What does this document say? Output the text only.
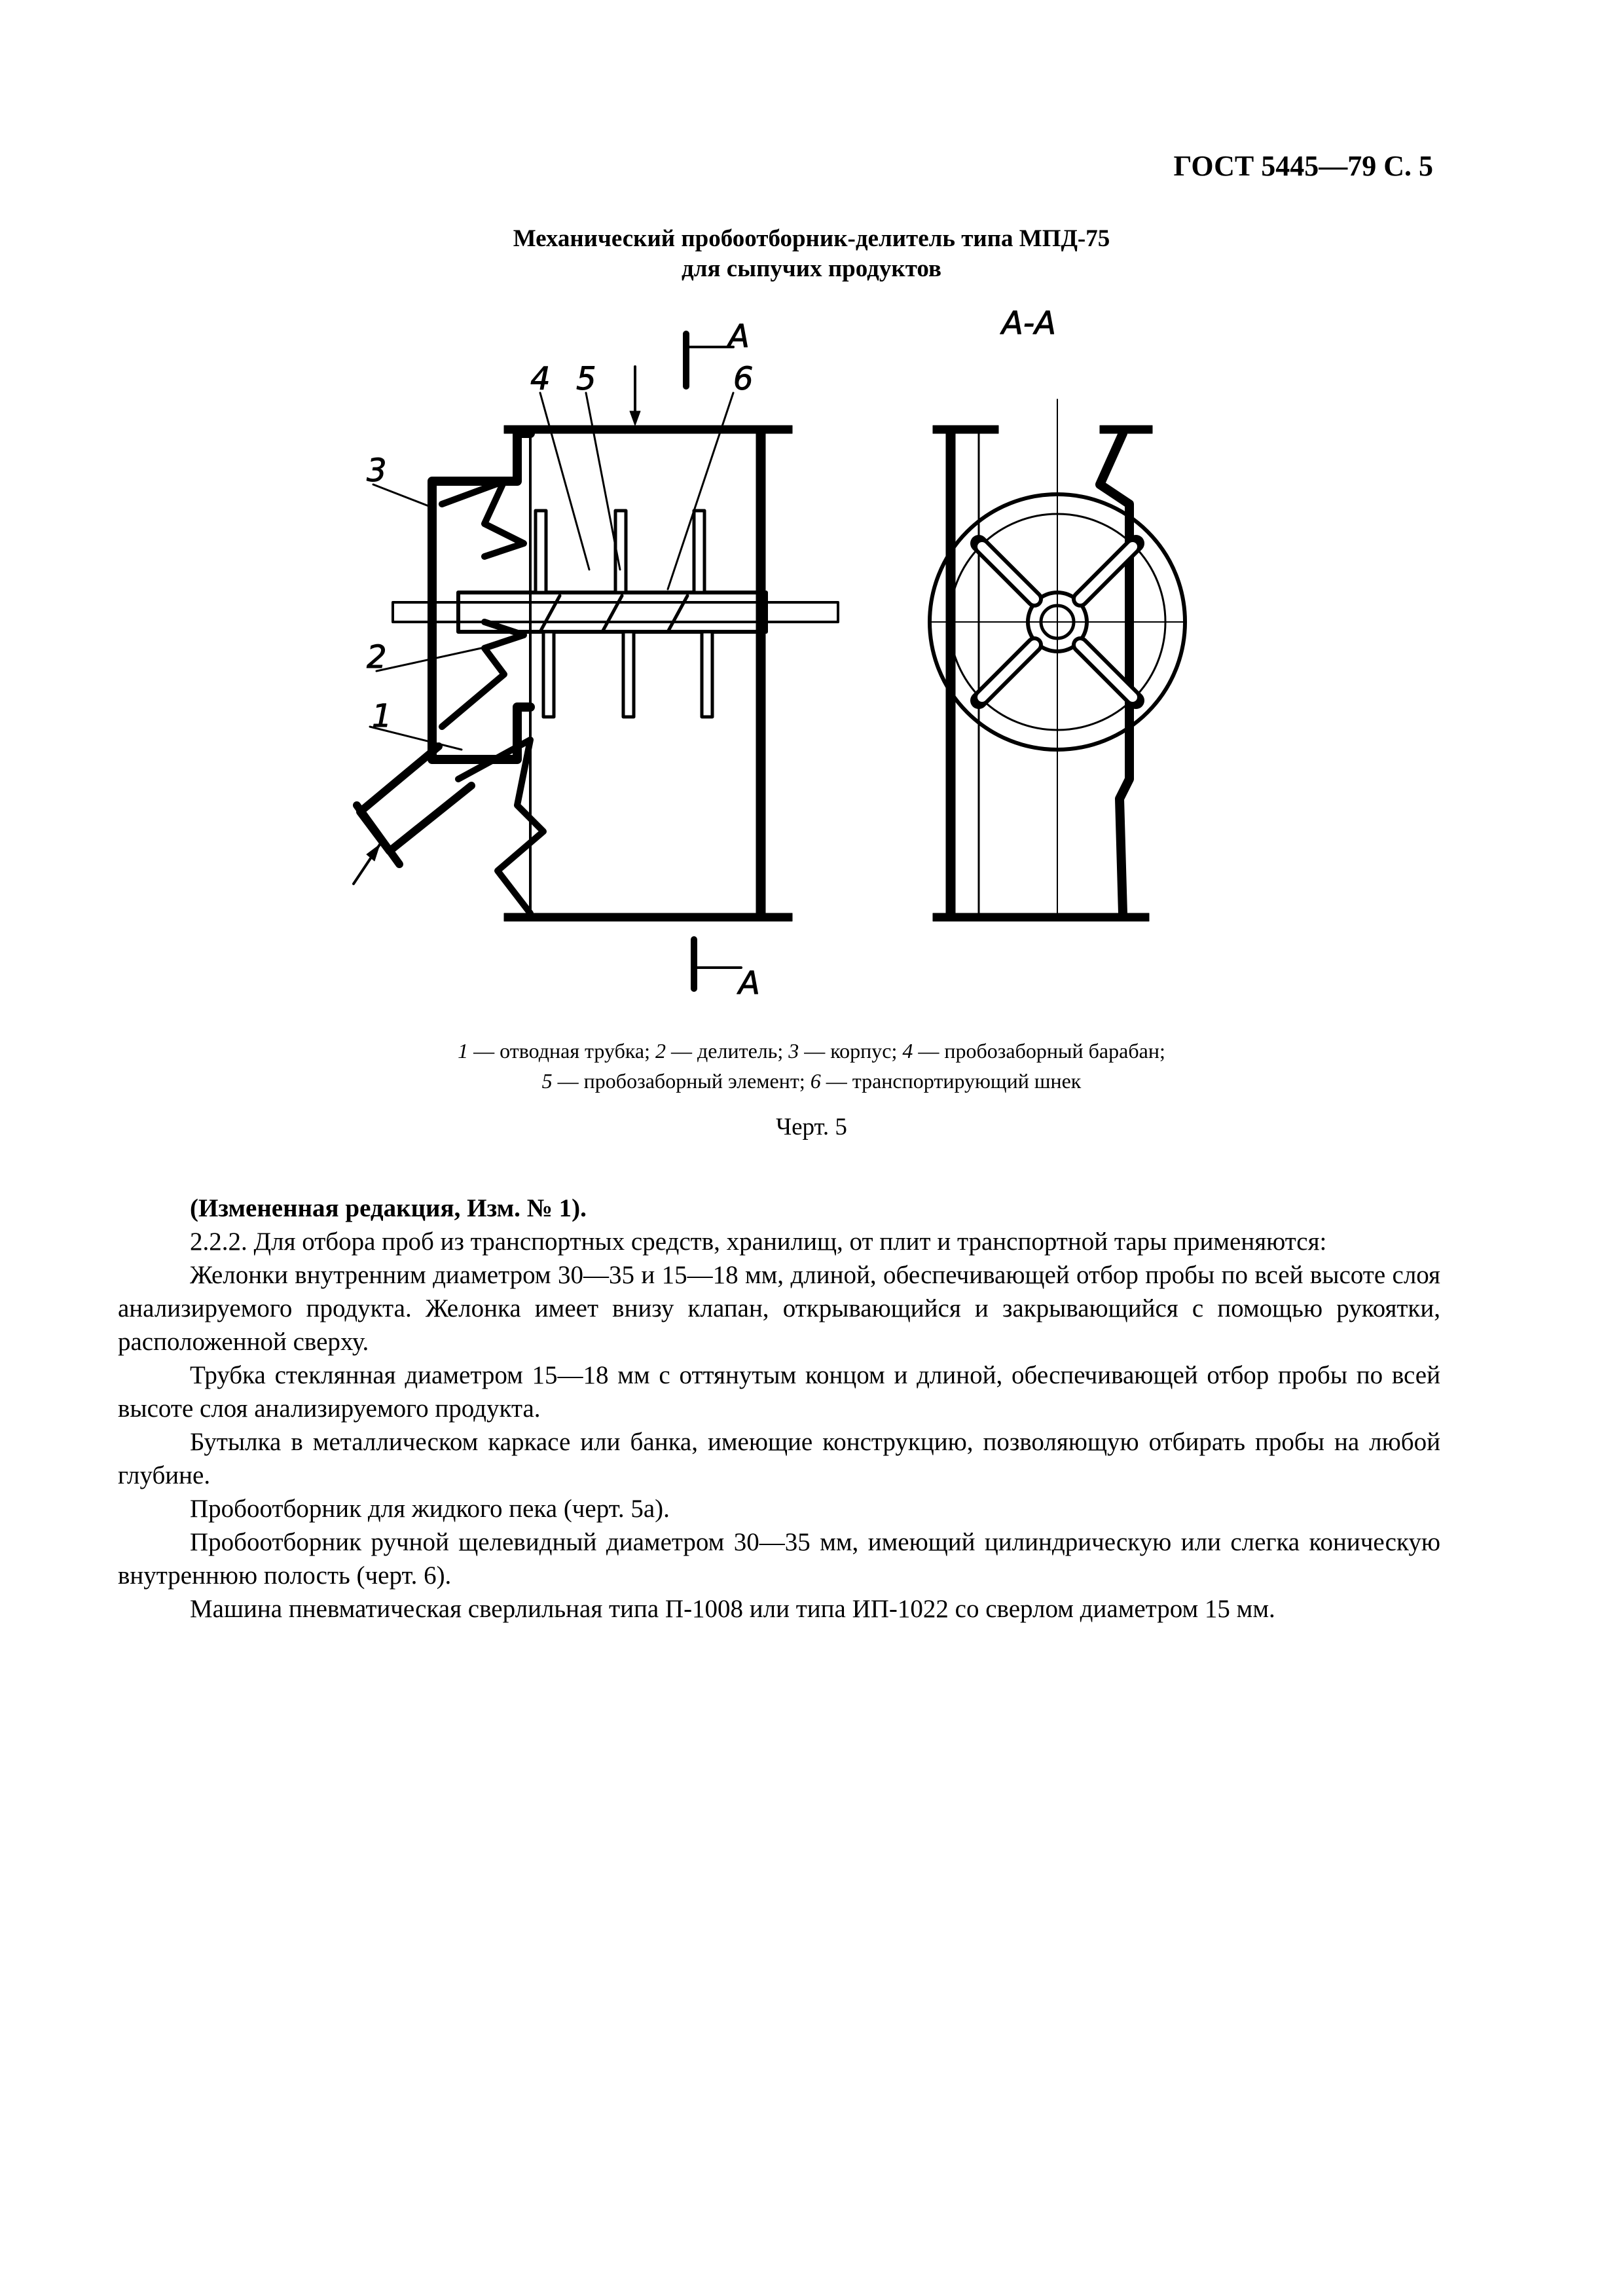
ГОСТ 5445—79 С. 5
Механический пробоотборник-делитель типа МПД-75
для сыпучих продуктов
А
А
4 5	6
3
2
1
А-А
1 — отводная трубка; 2 — делитель; 3 — корпус; 4 — пробозаборный барабан;
5 — пробозаборный элемент; 6 — транспортирующий шнек
Черт. 5

(Измененная редакция, Изм. № 1).

2.2.2. Для отбора проб из транспортных средств, хранилищ, от плит и транспортной тары применяются:

Желонки внутренним диаметром 30—35 и 15—18 мм, длиной, обеспечивающей отбор пробы по всей высоте слоя анализируемого продукта. Желонка имеет внизу клапан, открывающийся и закрывающийся с помощью рукоятки, расположенной сверху.

Трубка стеклянная диаметром 15—18 мм с оттянутым концом и длиной, обеспечивающей отбор пробы по всей высоте слоя анализируемого продукта.

Бутылка в металлическом каркасе или банка, имеющие конструкцию, позволяющую отбирать пробы на любой глубине.

Пробоотборник для жидкого пека (черт. 5а).

Пробоотборник ручной щелевидный диаметром 30—35 мм, имеющий цилиндрическую или слегка коническую внутреннюю полость (черт. 6).

Машина пневматическая сверлильная типа П-1008 или типа ИП-1022 со сверлом диаметром 15 мм.
